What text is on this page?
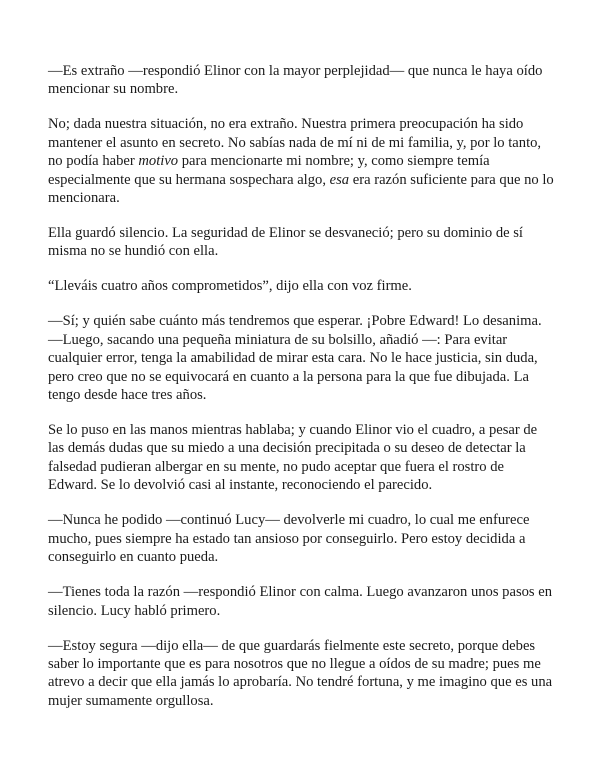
—Es extraño —respondió Elinor con la mayor perplejidad— que nunca le haya oído mencionar su nombre.

No; dada nuestra situación, no era extraño. Nuestra primera preocupación ha sido mantener el asunto en secreto. No sabías nada de mí ni de mi familia, y, por lo tanto, no podía haber motivo para mencionarte mi nombre; y, como siempre temía especialmente que su hermana sospechara algo, esa era razón suficiente para que no lo mencionara.

Ella guardó silencio. La seguridad de Elinor se desvaneció; pero su dominio de sí misma no se hundió con ella.

“Lleváis cuatro años comprometidos”, dijo ella con voz firme.

—Sí; y quién sabe cuánto más tendremos que esperar. ¡Pobre Edward! Lo desanima. —Luego, sacando una pequeña miniatura de su bolsillo, añadió —: Para evitar cualquier error, tenga la amabilidad de mirar esta cara. No le hace justicia, sin duda, pero creo que no se equivocará en cuanto a la persona para la que fue dibujada. La tengo desde hace tres años.

Se lo puso en las manos mientras hablaba; y cuando Elinor vio el cuadro, a pesar de las demás dudas que su miedo a una decisión precipitada o su deseo de detectar la falsedad pudieran albergar en su mente, no pudo aceptar que fuera el rostro de Edward. Se lo devolvió casi al instante, reconociendo el parecido.

—Nunca he podido —continuó Lucy— devolverle mi cuadro, lo cual me enfurece mucho, pues siempre ha estado tan ansioso por conseguirlo. Pero estoy decidida a conseguirlo en cuanto pueda.

—Tienes toda la razón —respondió Elinor con calma. Luego avanzaron unos pasos en silencio. Lucy habló primero.

—Estoy segura —dijo ella— de que guardarás fielmente este secreto, porque debes saber lo importante que es para nosotros que no llegue a oídos de su madre; pues me atrevo a decir que ella jamás lo aprobaría. No tendré fortuna, y me imagino que es una mujer sumamente orgullosa.
